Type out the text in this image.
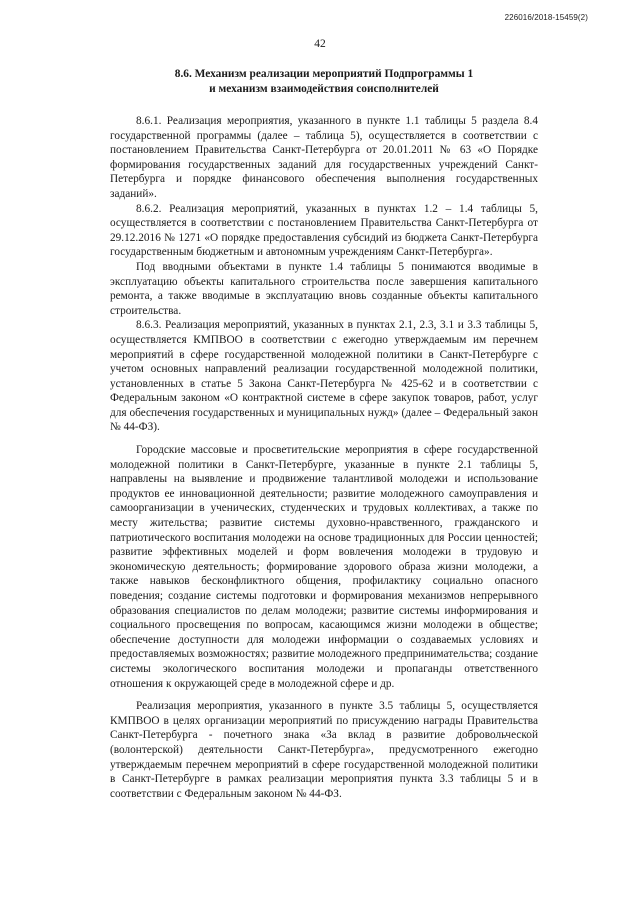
226016/2018-15459(2)
42
8.6. Механизм реализации мероприятий Подпрограммы 1
и механизм взаимодействия соисполнителей

8.6.1. Реализация мероприятия, указанного в пункте 1.1 таблицы 5 раздела 8.4 государственной программы (далее – таблица 5), осуществляется в соответствии с постановлением Правительства Санкт-Петербурга от 20.01.2011 № 63 «О Порядке формирования государственных заданий для государственных учреждений Санкт-Петербурга и порядке финансового обеспечения выполнения государственных заданий».

8.6.2. Реализация мероприятий, указанных в пунктах 1.2 – 1.4 таблицы 5, осуществляется в соответствии с постановлением Правительства Санкт-Петербурга от 29.12.2016 № 1271 «О порядке предоставления субсидий из бюджета Санкт-Петербурга государственным бюджетным и автономным учреждениям Санкт-Петербурга».

Под вводными объектами в пункте 1.4 таблицы 5 понимаются вводимые в эксплуатацию объекты капитального строительства после завершения капитального ремонта, а также вводимые в эксплуатацию вновь созданные объекты капитального строительства.

8.6.3. Реализация мероприятий, указанных в пунктах 2.1, 2.3, 3.1 и 3.3 таблицы 5, осуществляется КМПВОО в соответствии с ежегодно утверждаемым им перечнем мероприятий в сфере государственной молодежной политики в Санкт-Петербурге с учетом основных направлений реализации государственной молодежной политики, установленных в статье 5 Закона Санкт-Петербурга № 425-62 и в соответствии с Федеральным законом «О контрактной системе в сфере закупок товаров, работ, услуг для обеспечения государственных и муниципальных нужд» (далее – Федеральный закон № 44-ФЗ).

Городские массовые и просветительские мероприятия в сфере государственной молодежной политики в Санкт-Петербурге, указанные в пункте 2.1 таблицы 5, направлены на выявление и продвижение талантливой молодежи и использование продуктов ее инновационной деятельности; развитие молодежного самоуправления и самоорганизации в ученических, студенческих и трудовых коллективах, а также по месту жительства; развитие системы духовно-нравственного, гражданского и патриотического воспитания молодежи на основе традиционных для России ценностей; развитие эффективных моделей и форм вовлечения молодежи в трудовую и экономическую деятельность; формирование здорового образа жизни молодежи, а также навыков бесконфликтного общения, профилактику социально опасного поведения; создание системы подготовки и формирования механизмов непрерывного образования специалистов по делам молодежи; развитие системы информирования и социального просвещения по вопросам, касающимся жизни молодежи в обществе; обеспечение доступности для молодежи информации о создаваемых условиях и предоставляемых возможностях; развитие молодежного предпринимательства; создание системы экологического воспитания молодежи и пропаганды ответственного отношения к окружающей среде в молодежной сфере и др.

Реализация мероприятия, указанного в пункте 3.5 таблицы 5, осуществляется КМПВОО в целях организации мероприятий по присуждению награды Правительства Санкт-Петербурга - почетного знака «За вклад в развитие добровольческой (волонтерской) деятельности Санкт-Петербурга», предусмотренного ежегодно утверждаемым перечнем мероприятий в сфере государственной молодежной политики в Санкт-Петербурге в рамках реализации мероприятия пункта 3.3 таблицы 5 и в соответствии с Федеральным законом № 44-ФЗ.
